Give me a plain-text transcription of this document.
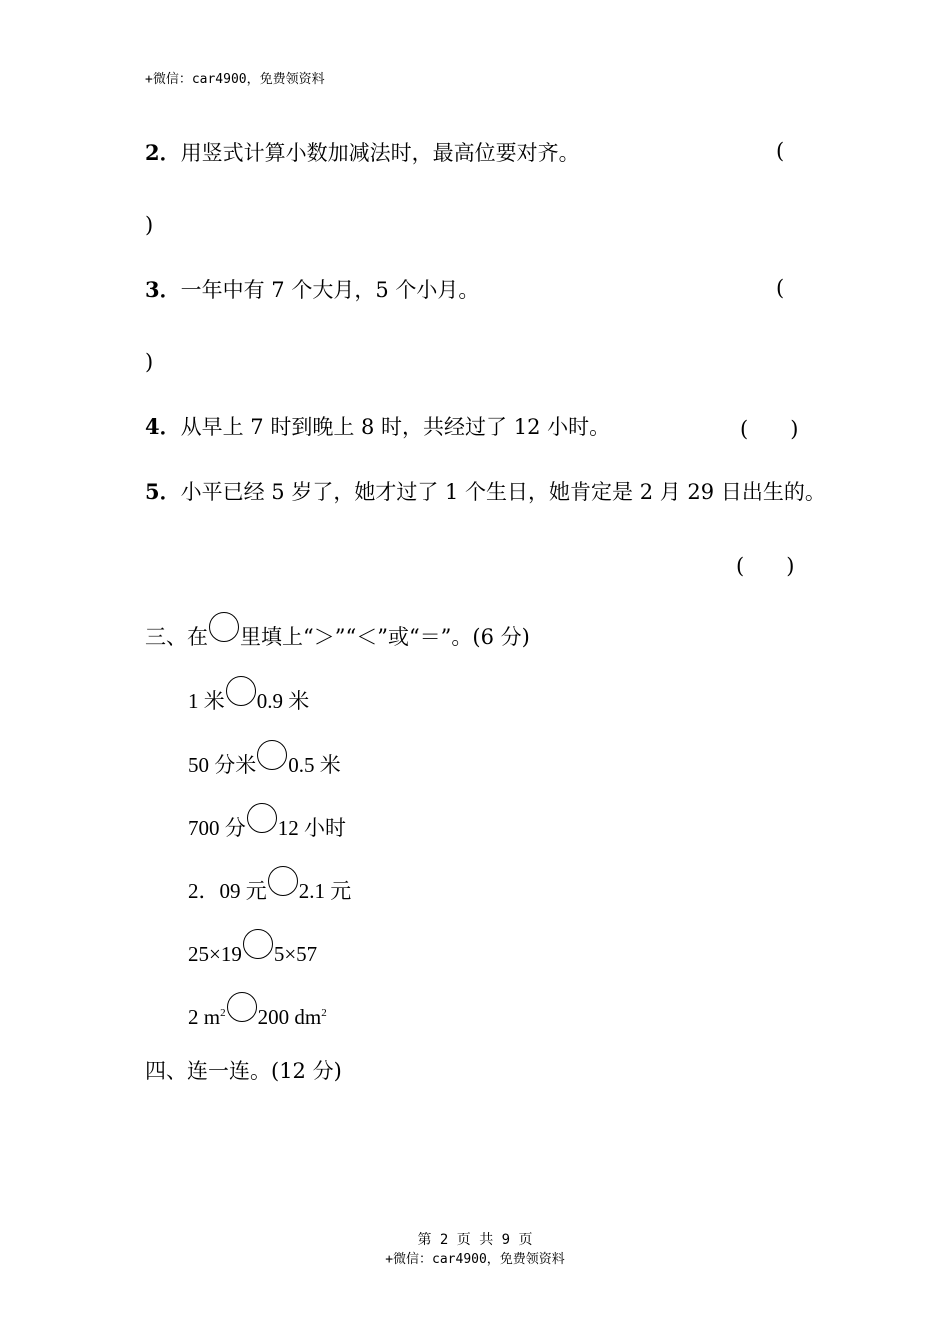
+微信：car4900，免费领资料
2．用竖式计算小数加减法时，最高位要对齐。	(
)
3．一年中有 7 个大月，5 个小月。	(
)
4．从早上 7 时到晚上 8 时，共经过了 12 小时。	(　　)
5．小平已经 5 岁了，她才过了 1 个生日，她肯定是 2 月 29 日出生的。
(　　)
三、在 里填上“＞”“＜”或“＝”。(6 分)
1 米 0.9 米
50 分米 0.5 米
700 分 12 小时
2．09 元 2.1 元
25×19 5×57
2 $m^2$ 200 $dm^2$
四、连一连。(12 分)
第 2 页 共 9 页
+微信：car4900，免费领资料
